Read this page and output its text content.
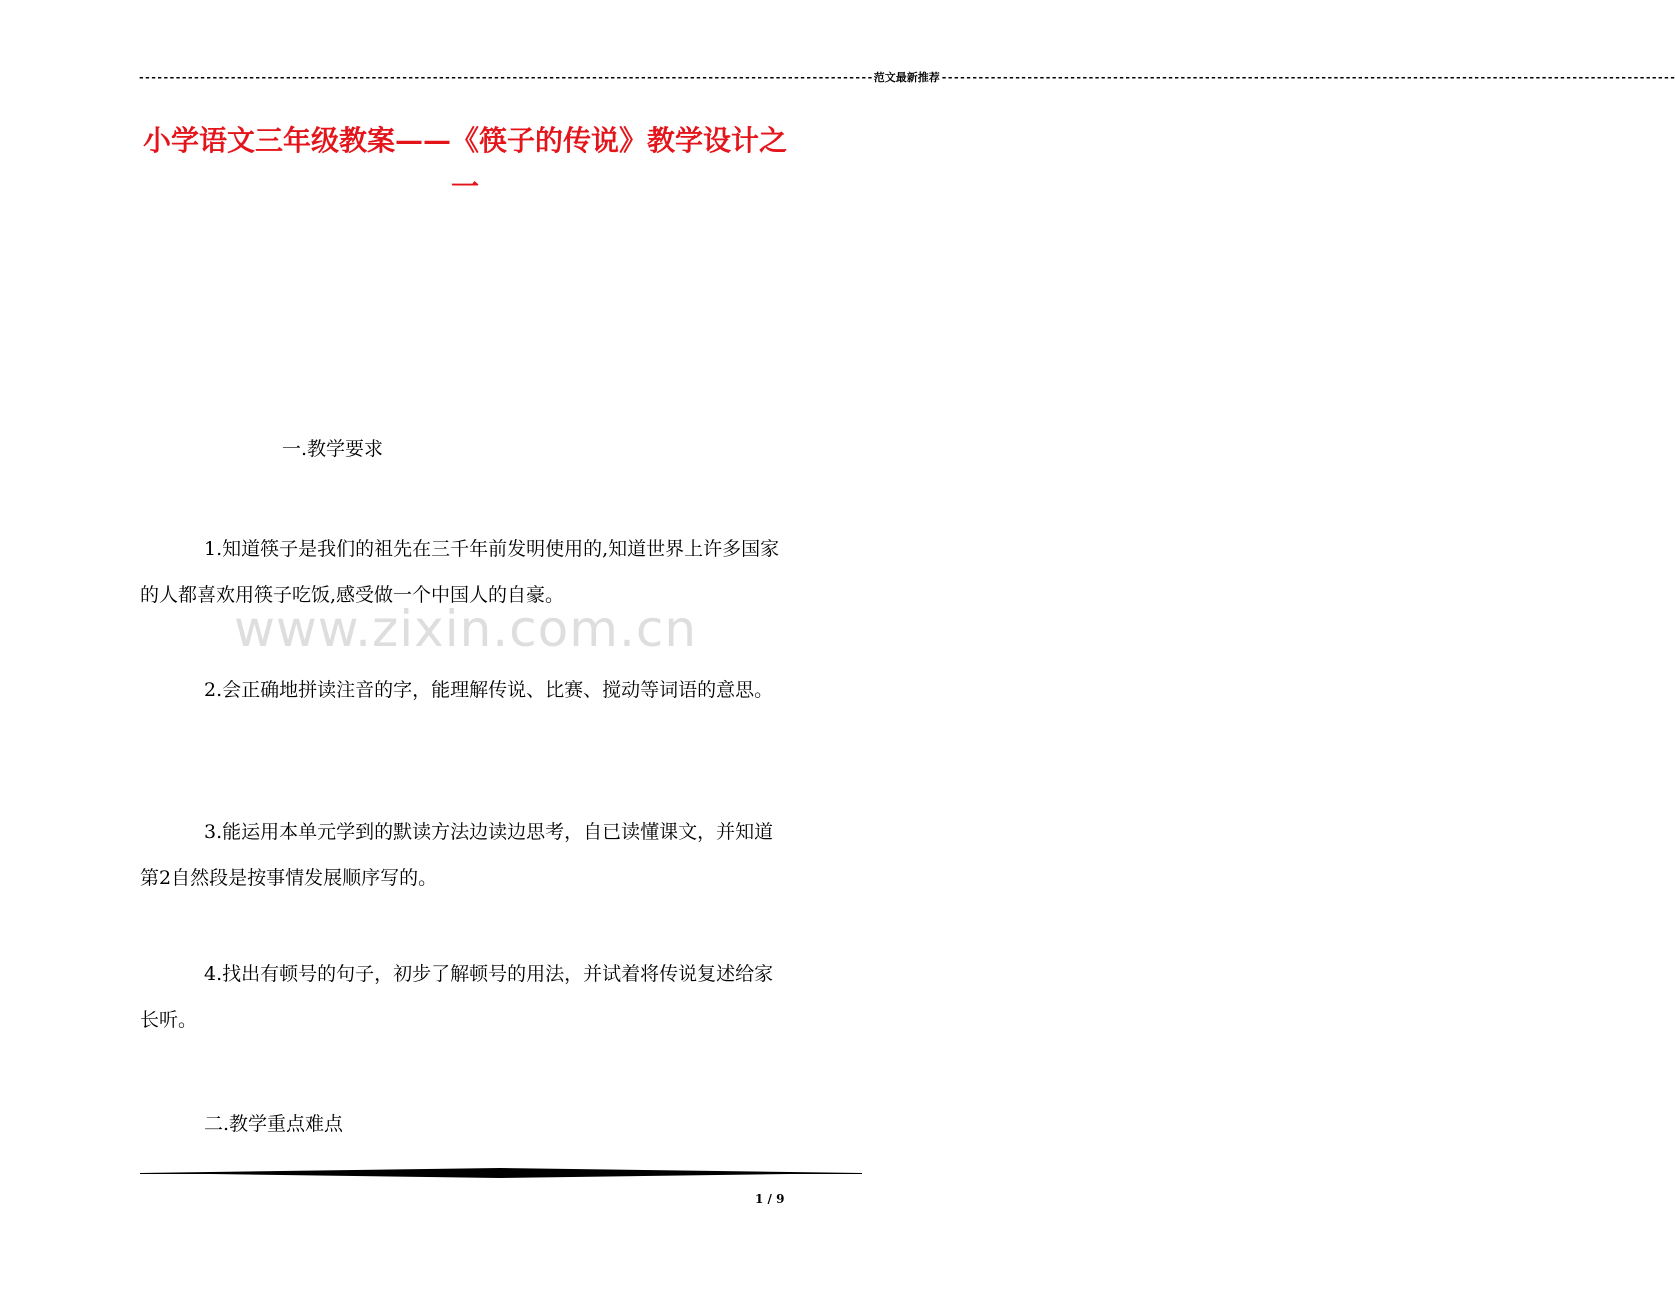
------------------------------------------------------------------------------------------------------------------------ 范文最新推荐 ------------------------------------------------------------------------------------------------------------------------
小学语文三年级教案——《筷子的传说》教学设计之一

一.教学要求

1.知道筷子是我们的祖先在三千年前发明使用的,知道世界上许多国家的人都喜欢用筷子吃饭,感受做一个中国人的自豪。

www.zixin.com.cn

2.会正确地拼读注音的字，能理解传说、比赛、搅动等词语的意思。

3.能运用本单元学到的默读方法边读边思考，自已读懂课文，并知道第2自然段是按事情发展顺序写的。

4.找出有顿号的句子，初步了解顿号的用法，并试着将传说复述给家长听。

二.教学重点难点

1 / 9
